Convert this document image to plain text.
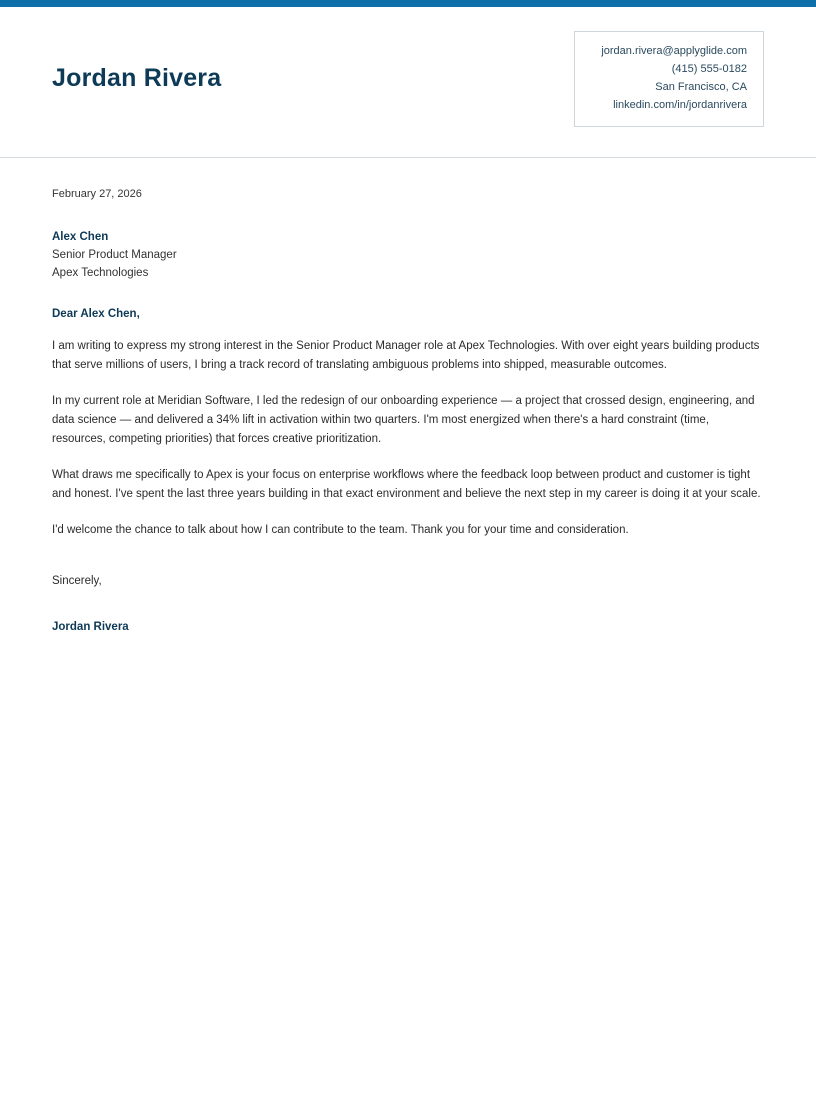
Jordan Rivera
jordan.rivera@applyglide.com
(415) 555-0182
San Francisco, CA
linkedin.com/in/jordanrivera
February 27, 2026
Alex Chen
Senior Product Manager
Apex Technologies
Dear Alex Chen,
I am writing to express my strong interest in the Senior Product Manager role at Apex Technologies. With over eight years building products that serve millions of users, I bring a track record of translating ambiguous problems into shipped, measurable outcomes.
In my current role at Meridian Software, I led the redesign of our onboarding experience — a project that crossed design, engineering, and data science — and delivered a 34% lift in activation within two quarters. I'm most energized when there's a hard constraint (time, resources, competing priorities) that forces creative prioritization.
What draws me specifically to Apex is your focus on enterprise workflows where the feedback loop between product and customer is tight and honest. I've spent the last three years building in that exact environment and believe the next step in my career is doing it at your scale.
I'd welcome the chance to talk about how I can contribute to the team. Thank you for your time and consideration.
Sincerely,
Jordan Rivera
